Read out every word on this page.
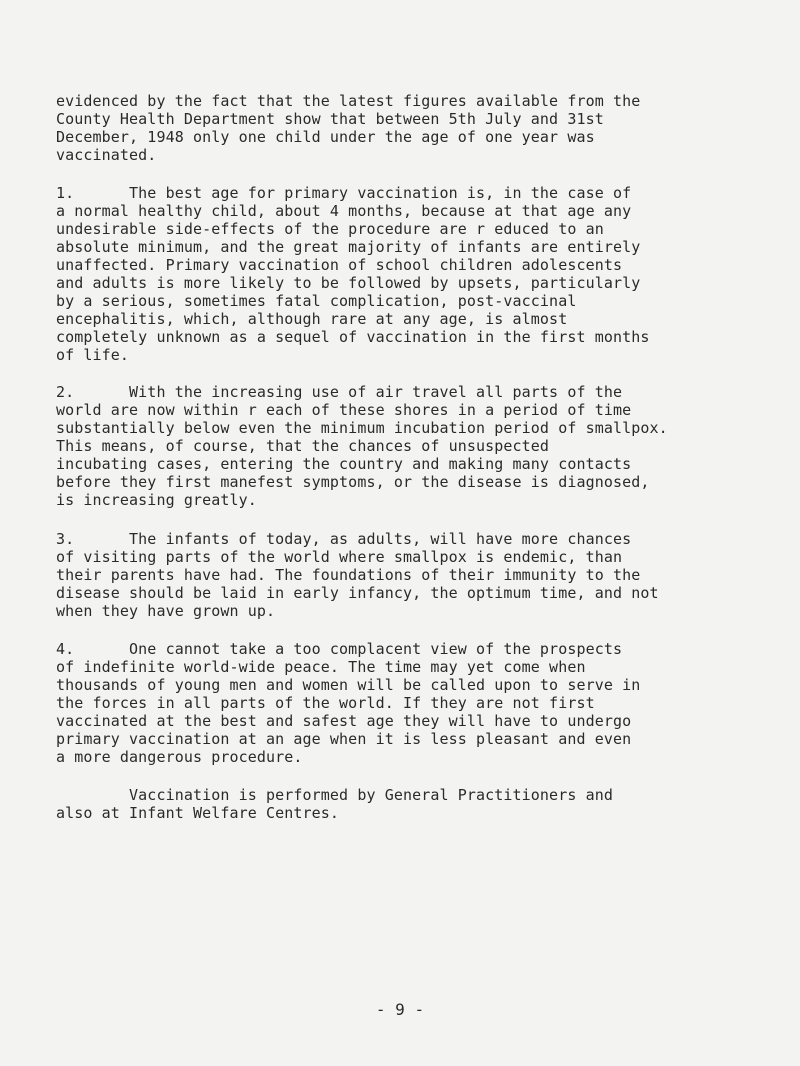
evidenced by the fact that the latest figures available from the
County Health Department show that between 5th July and 31st
December, 1948 only one child under the age of one year was
vaccinated.
1.      The best age for primary vaccination is, in the case of
a normal healthy child, about 4 months, because at that age any
undesirable side-effects of the procedure are r educed to an
absolute minimum, and the great majority of infants are entirely
unaffected. Primary vaccination of school children adolescents
and adults is more likely to be followed by upsets, particularly
by a serious, sometimes fatal complication, post-vaccinal
encephalitis, which, although rare at any age, is almost
completely unknown as a sequel of vaccination in the first months
of life.
2.      With the increasing use of air travel all parts of the
world are now within r each of these shores in a period of time
substantially below even the minimum incubation period of smallpox.
This means, of course, that the chances of unsuspected
incubating cases, entering the country and making many contacts
before they first manefest symptoms, or the disease is diagnosed,
is increasing greatly.
3.      The infants of today, as adults, will have more chances
of visiting parts of the world where smallpox is endemic, than
their parents have had. The foundations of their immunity to the
disease should be laid in early infancy, the optimum time, and not
when they have grown up.
4.      One cannot take a too complacent view of the prospects
of indefinite world-wide peace. The time may yet come when
thousands of young men and women will be called upon to serve in
the forces in all parts of the world. If they are not first
vaccinated at the best and safest age they will have to undergo
primary vaccination at an age when it is less pleasant and even
a more dangerous procedure.
Vaccination is performed by General Practitioners and
also at Infant Welfare Centres.
- 9 -
